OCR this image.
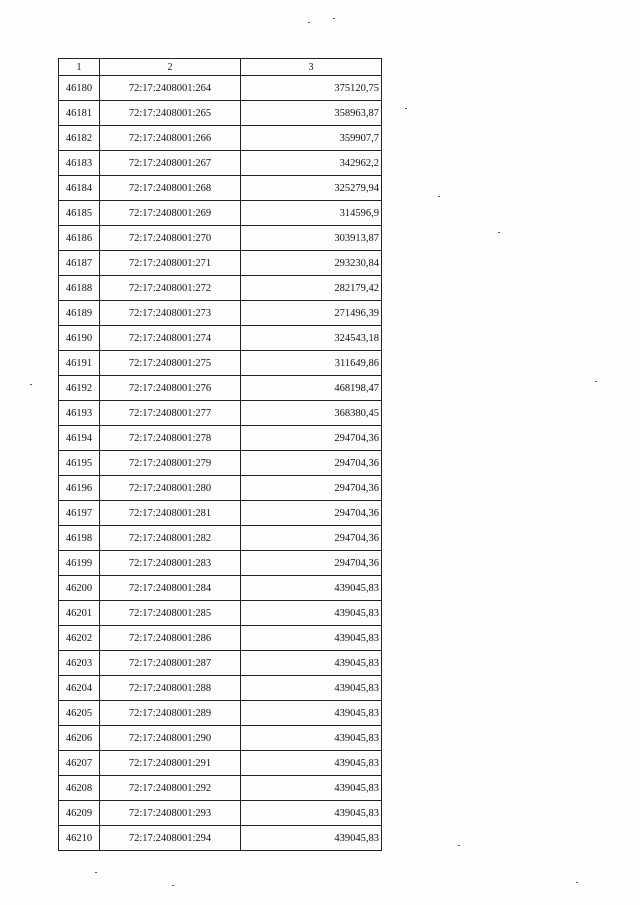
1	2	3
46180	72:17:2408001:264	375120,75
46181	72:17:2408001:265	358963,87
46182	72:17:2408001:266	359907,7
46183	72:17:2408001:267	342962,2
46184	72:17:2408001:268	325279,94
46185	72:17:2408001:269	314596,9
46186	72:17:2408001:270	303913,87
46187	72:17:2408001:271	293230,84
46188	72:17:2408001:272	282179,42
46189	72:17:2408001:273	271496,39
46190	72:17:2408001:274	324543,18
46191	72:17:2408001:275	311649,86
46192	72:17:2408001:276	468198,47
46193	72:17:2408001:277	368380,45
46194	72:17:2408001:278	294704,36
46195	72:17:2408001:279	294704,36
46196	72:17:2408001:280	294704,36
46197	72:17:2408001:281	294704,36
46198	72:17:2408001:282	294704,36
46199	72:17:2408001:283	294704,36
46200	72:17:2408001:284	439045,83
46201	72:17:2408001:285	439045,83
46202	72:17:2408001:286	439045,83
46203	72:17:2408001:287	439045,83
46204	72:17:2408001:288	439045,83
46205	72:17:2408001:289	439045,83
46206	72:17:2408001:290	439045,83
46207	72:17:2408001:291	439045,83
46208	72:17:2408001:292	439045,83
46209	72:17:2408001:293	439045,83
46210	72:17:2408001:294	439045,83
